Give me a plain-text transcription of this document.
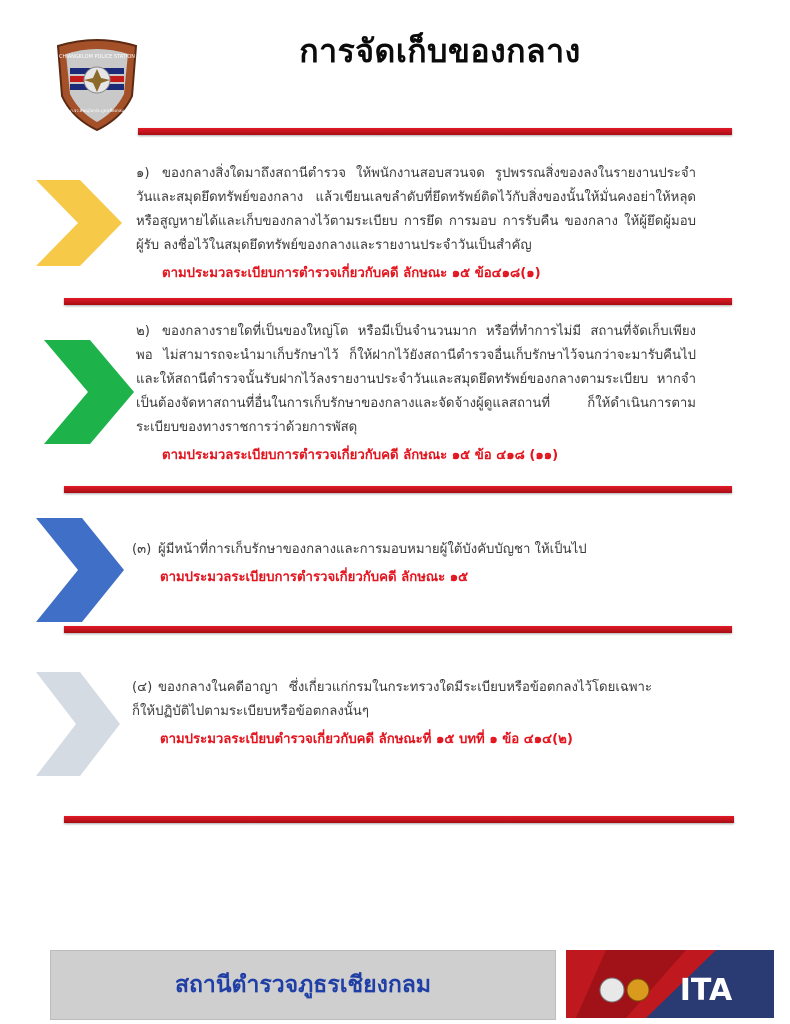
CHIANGKLOM POLICE STATION
ภ.จว.พิษณุโลก/อ.ภูธรเชียงกลม
การจัดเก็บของกลาง
๑) ของกลางสิ่งใดมาถึงสถานีตำรวจ ให้พนักงานสอบสวนจด รูปพรรณสิ่งของลงในรายงานประจำวันและสมุดยึดทรัพย์ของกลาง แล้วเขียนเลขลำดับที่ยึดทรัพย์ติดไว้กับสิ่งของนั้นให้มั่นคงอย่าให้หลุดหรือสูญหายได้และเก็บของกลางไว้ตามระเบียบ การยึด การมอบ การรับคืน ของกลาง ให้ผู้ยึดผู้มอบ ผู้รับ ลงชื่อไว้ในสมุดยึดทรัพย์ของกลางและรายงานประจำวันเป็นสำคัญ
ตามประมวลระเบียบการตำรวจเกี่ยวกับคดี ลักษณะ ๑๕ ข้อ๔๑๘(๑)
๒) ของกลางรายใดที่เป็นของใหญ่โต หรือมีเป็นจำนวนมาก หรือที่ทำการไม่มี สถานที่จัดเก็บเพียงพอ ไม่สามารถจะนำมาเก็บรักษาไว้ ก็ให้ฝากไว้ยังสถานีตำรวจอื่นเก็บรักษาไว้จนกว่าจะมารับคืนไปและให้สถานีตำรวจนั้นรับฝากไว้ลงรายงานประจำวันและสมุดยึดทรัพย์ของกลางตามระเบียบ หากจำ เป็นต้องจัดหาสถานที่อื่นในการเก็บรักษาของกลางและจัดจ้างผู้ดูแลสถานที่ ก็ให้ดำเนินการตามระเบียบของทางราชการว่าด้วยการพัสดุ
ตามประมวลระเบียบการตำรวจเกี่ยวกับคดี ลักษณะ ๑๕ ข้อ ๔๑๘ (๑๑)
(๓) ผู้มีหน้าที่การเก็บรักษาของกลางและการมอบหมายผู้ใต้บังคับบัญชา ให้เป็นไป
ตามประมวลระเบียบการตำรวจเกี่ยวกับคดี ลักษณะ ๑๕
(๔) ของกลางในคดีอาญา ซึ่งเกี่ยวแก่กรมในกระทรวงใดมีระเบียบหรือข้อตกลงไว้โดยเฉพาะก็ให้ปฏิบัติไปตามระเบียบหรือข้อตกลงนั้นๆ
ตามประมวลระเบียบตำรวจเกี่ยวกับคดี ลักษณะที่ ๑๕ บทที่ ๑ ข้อ ๔๑๔(๒)
สถานีตำรวจภูธรเชียงกลม	ITA
